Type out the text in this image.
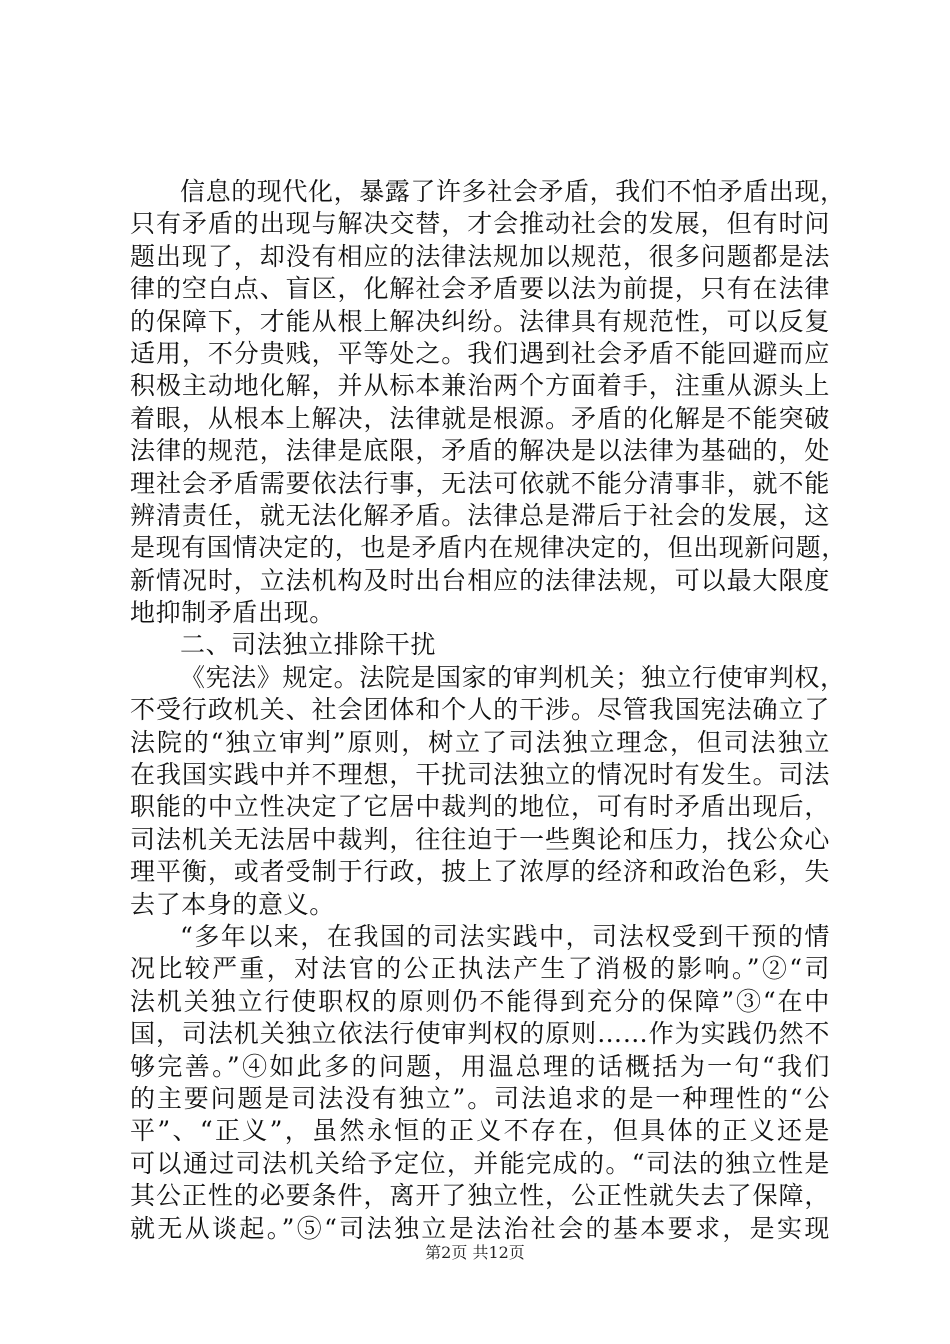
信息的现代化，暴露了许多社会矛盾，我们不怕矛盾出现，
只有矛盾的出现与解决交替，才会推动社会的发展，但有时问
题出现了，却没有相应的法律法规加以规范，很多问题都是法
律的空白点、盲区，化解社会矛盾要以法为前提，只有在法律
的保障下，才能从根上解决纠纷。法律具有规范性，可以反复
适用，不分贵贱，平等处之。我们遇到社会矛盾不能回避而应
积极主动地化解，并从标本兼治两个方面着手，注重从源头上
着眼，从根本上解决，法律就是根源。矛盾的化解是不能突破
法律的规范，法律是底限，矛盾的解决是以法律为基础的，处
理社会矛盾需要依法行事，无法可依就不能分清事非，就不能
辨清责任，就无法化解矛盾。法律总是滞后于社会的发展，这
是现有国情决定的，也是矛盾内在规律决定的，但出现新问题，
新情况时，立法机构及时出台相应的法律法规，可以最大限度
地抑制矛盾出现。
二、司法独立排除干扰
《宪法》规定。法院是国家的审判机关；独立行使审判权，
不受行政机关、社会团体和个人的干涉。尽管我国宪法确立了
法院的“独立审判”原则，树立了司法独立理念，但司法独立
在我国实践中并不理想，干扰司法独立的情况时有发生。司法
职能的中立性决定了它居中裁判的地位，可有时矛盾出现后，
司法机关无法居中裁判，往往迫于一些舆论和压力，找公众心
理平衡，或者受制于行政，披上了浓厚的经济和政治色彩，失
去了本身的意义。
“多年以来，在我国的司法实践中，司法权受到干预的情
况比较严重，对法官的公正执法产生了消极的影响。”②“司
法机关独立行使职权的原则仍不能得到充分的保障”③“在中
国，司法机关独立依法行使审判权的原则……作为实践仍然不
够完善。”④如此多的问题，用温总理的话概括为一句“我们
的主要问题是司法没有独立”。司法追求的是一种理性的“公
平”、“正义”，虽然永恒的正义不存在，但具体的正义还是
可以通过司法机关给予定位，并能完成的。“司法的独立性是
其公正性的必要条件，离开了独立性，公正性就失去了保障，
就无从谈起。”⑤“司法独立是法治社会的基本要求，是实现
第2页 共12页
